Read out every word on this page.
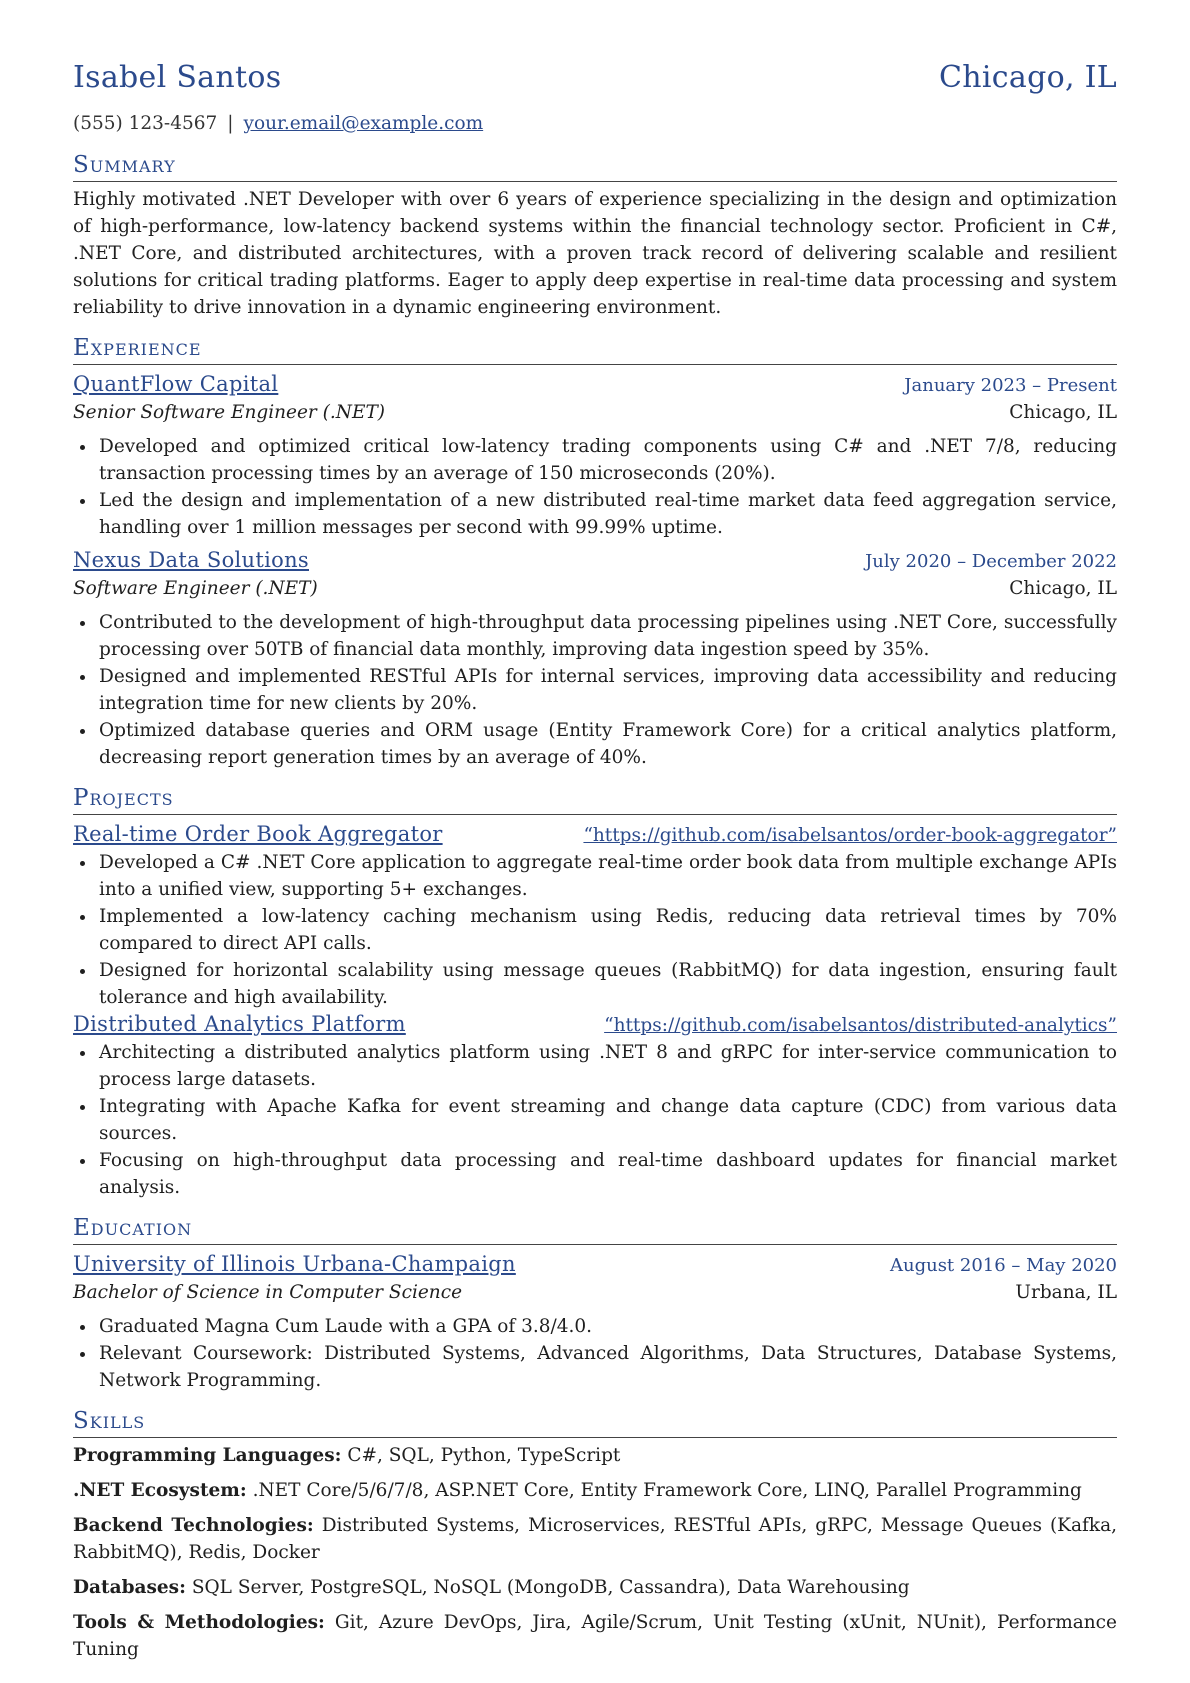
Isabel Santos	Chicago, IL
(555) 123-4567 | your.email@example.com
Summary
Highly motivated .NET Developer with over 6 years of experience specializing in the design and optimization of high-performance, low-latency backend systems within the financial technology sector. Proficient in C#, .NET Core, and distributed architectures, with a proven track record of delivering scalable and resilient solutions for critical trading platforms. Eager to apply deep expertise in real-time data processing and system reliability to drive innovation in a dynamic engineering environment.
Experience
QuantFlow Capital	January 2023 – Present
Senior Software Engineer (.NET)	Chicago, IL
• Developed and optimized critical low-latency trading components using C# and .NET 7/8, reducing transaction processing times by an average of 150 microseconds (20%).
• Led the design and implementation of a new distributed real-time market data feed aggregation service, handling over 1 million messages per second with 99.99% uptime.
Nexus Data Solutions	July 2020 – December 2022
Software Engineer (.NET)	Chicago, IL
• Contributed to the development of high-throughput data processing pipelines using .NET Core, successfully processing over 50TB of financial data monthly, improving data ingestion speed by 35%.
• Designed and implemented RESTful APIs for internal services, improving data accessibility and reducing integration time for new clients by 20%.
• Optimized database queries and ORM usage (Entity Framework Core) for a critical analytics platform, decreasing report generation times by an average of 40%.
Projects
Real-time Order Book Aggregator	“https://github.com/isabelsantos/order-book-aggregator”
• Developed a C# .NET Core application to aggregate real-time order book data from multiple exchange APIs into a unified view, supporting 5+ exchanges.
• Implemented a low-latency caching mechanism using Redis, reducing data retrieval times by 70% compared to direct API calls.
• Designed for horizontal scalability using message queues (RabbitMQ) for data ingestion, ensuring fault tolerance and high availability.
Distributed Analytics Platform	“https://github.com/isabelsantos/distributed-analytics”
• Architecting a distributed analytics platform using .NET 8 and gRPC for inter-service communication to process large datasets.
• Integrating with Apache Kafka for event streaming and change data capture (CDC) from various data sources.
• Focusing on high-throughput data processing and real-time dashboard updates for financial market analysis.
Education
University of Illinois Urbana-Champaign	August 2016 – May 2020
Bachelor of Science in Computer Science	Urbana, IL
• Graduated Magna Cum Laude with a GPA of 3.8/4.0.
• Relevant Coursework: Distributed Systems, Advanced Algorithms, Data Structures, Database Systems, Network Programming.
Skills
Programming Languages: C#, SQL, Python, TypeScript
.NET Ecosystem: .NET Core/5/6/7/8, ASP.NET Core, Entity Framework Core, LINQ, Parallel Programming
Backend Technologies: Distributed Systems, Microservices, RESTful APIs, gRPC, Message Queues (Kafka, RabbitMQ), Redis, Docker
Databases: SQL Server, PostgreSQL, NoSQL (MongoDB, Cassandra), Data Warehousing
Tools & Methodologies: Git, Azure DevOps, Jira, Agile/Scrum, Unit Testing (xUnit, NUnit), Performance Tuning
